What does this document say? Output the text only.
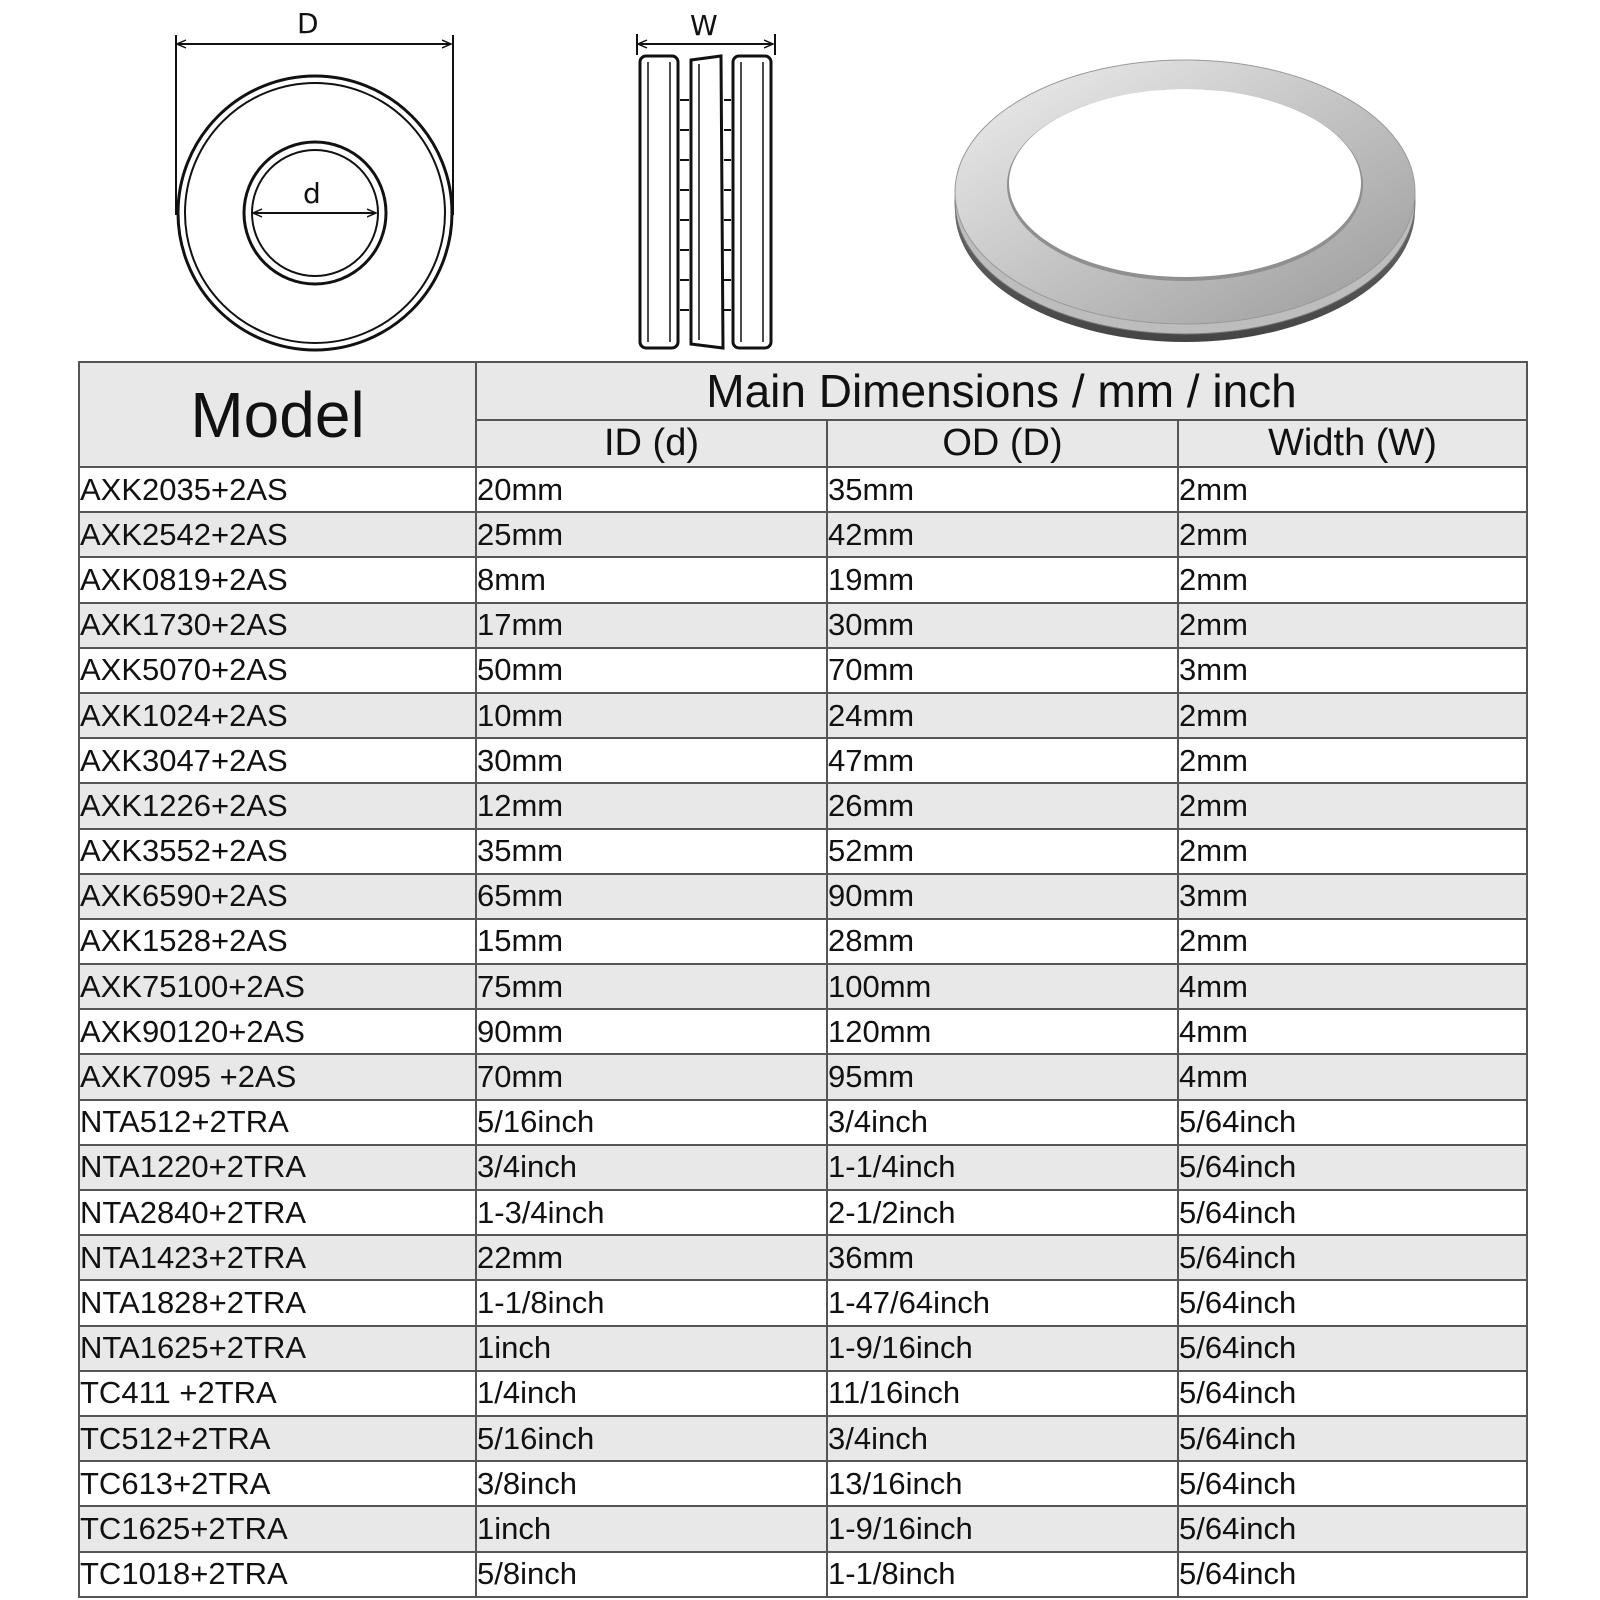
D
d
W
Model	Main Dimensions / mm / inch		
	ID (d)	OD (D)	Width (W)
AXK2035+2AS	20mm	35mm	2mm
AXK2542+2AS	25mm	42mm	2mm
AXK0819+2AS	8mm	19mm	2mm
AXK1730+2AS	17mm	30mm	2mm
AXK5070+2AS	50mm	70mm	3mm
AXK1024+2AS	10mm	24mm	2mm
AXK3047+2AS	30mm	47mm	2mm
AXK1226+2AS	12mm	26mm	2mm
AXK3552+2AS	35mm	52mm	2mm
AXK6590+2AS	65mm	90mm	3mm
AXK1528+2AS	15mm	28mm	2mm
AXK75100+2AS	75mm	100mm	4mm
AXK90120+2AS	90mm	120mm	4mm
AXK7095 +2AS	70mm	95mm	4mm
NTA512+2TRA	5/16inch	3/4inch	5/64inch
NTA1220+2TRA	3/4inch	1-1/4inch	5/64inch
NTA2840+2TRA	1-3/4inch	2-1/2inch	5/64inch
NTA1423+2TRA	22mm	36mm	5/64inch
NTA1828+2TRA	1-1/8inch	1-47/64inch	5/64inch
NTA1625+2TRA	1inch	1-9/16inch	5/64inch
TC411 +2TRA	1/4inch	11/16inch	5/64inch
TC512+2TRA	5/16inch	3/4inch	5/64inch
TC613+2TRA	3/8inch	13/16inch	5/64inch
TC1625+2TRA	1inch	1-9/16inch	5/64inch
TC1018+2TRA	5/8inch	1-1/8inch	5/64inch
